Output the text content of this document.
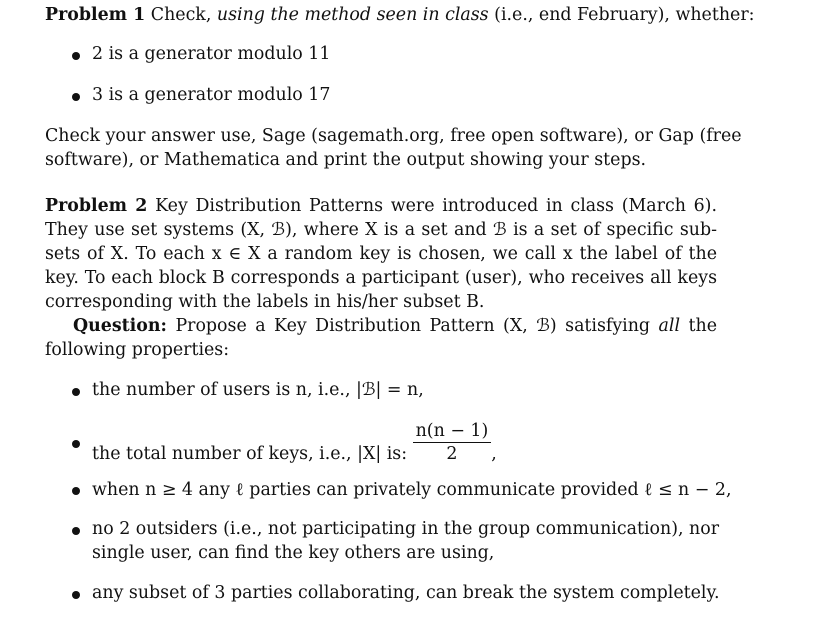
Problem 1 Check, using the method seen in class (i.e., end February), whether:
2 is a generator modulo 11
3 is a generator modulo 17
Check your answer use, Sage (sagemath.org, free open software), or Gap (free
software), or Mathematica and print the output showing your steps.
Problem 2 Key Distribution Patterns were introduced in class (March 6).
They use set systems (X, ℬ), where X is a set and ℬ is a set of specific sub-
sets of X. To each x ∈ X a random key is chosen, we call x the label of the
key. To each block B corresponds a participant (user), who receives all keys
corresponding with the labels in his/her subset B.
Question: Propose a Key Distribution Pattern (X, ℬ) satisfying all the
following properties:
the number of users is n, i.e., |ℬ| = n,
the total number of keys, i.e., |X| is: $\frac{n(n - 1)}{2}$ ,
when n ≥ 4 any ℓ parties can privately communicate provided ℓ ≤ n − 2,
no 2 outsiders (i.e., not participating in the group communication), nor
single user, can find the key others are using,
any subset of 3 parties collaborating, can break the system completely.
